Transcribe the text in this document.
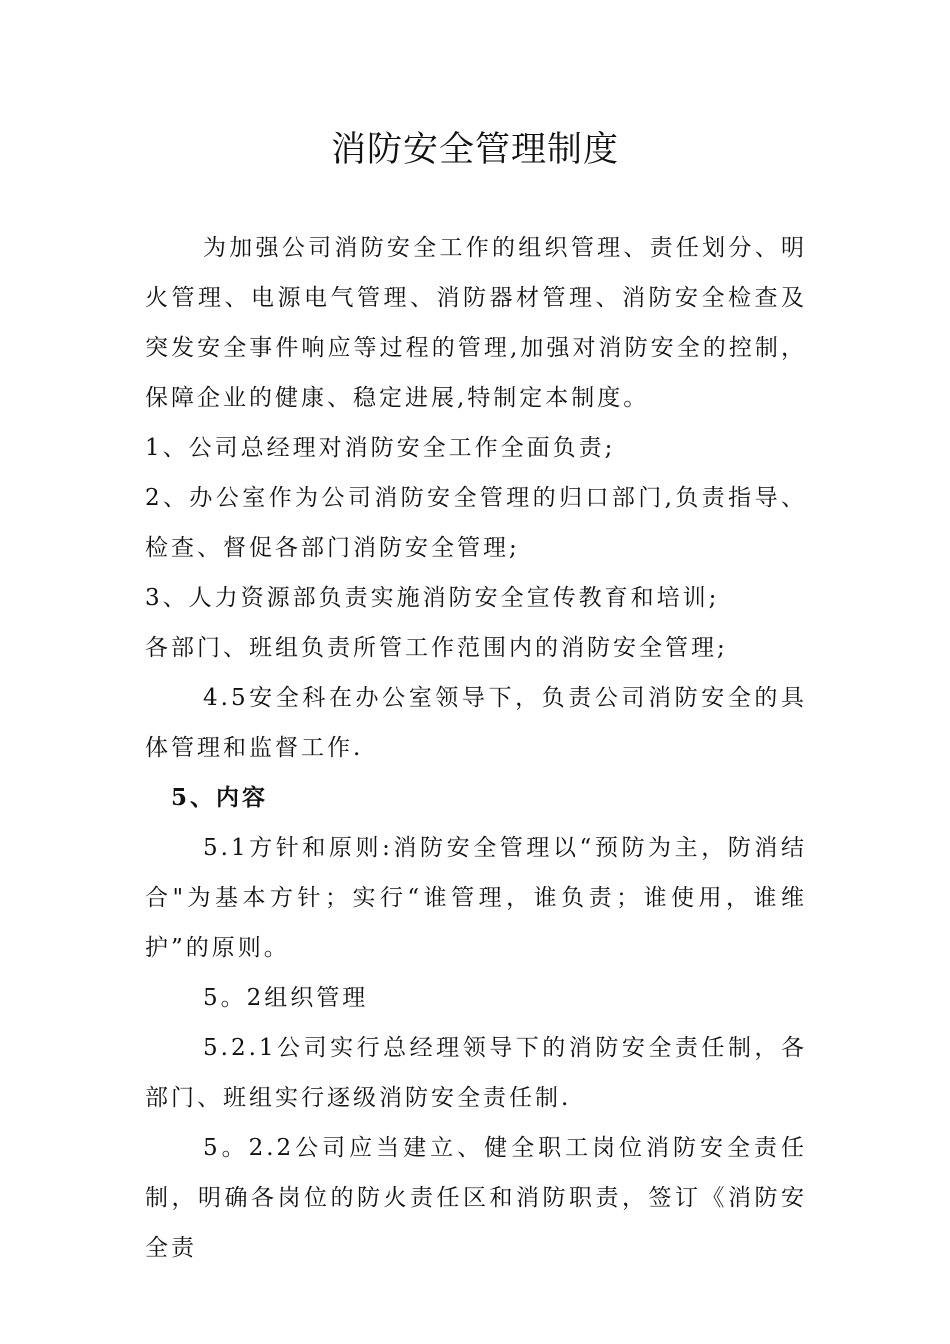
消防安全管理制度

为加强公司消防安全工作的组织管理、责任划分、明火管理、电源电气管理、消防器材管理、消防安全检查及突发安全事件响应等过程的管理,加强对消防安全的控制，保障企业的健康、稳定进展,特制定本制度。

1、公司总经理对消防安全工作全面负责;

2、办公室作为公司消防安全管理的归口部门,负责指导、检查、督促各部门消防安全管理;

3、人力资源部负责实施消防安全宣传教育和培训;

各部门、班组负责所管工作范围内的消防安全管理;

4.5安全科在办公室领导下，负责公司消防安全的具体管理和监督工作.

5、内容

5.1方针和原则:消防安全管理以“预防为主，防消结合"为基本方针；实行“谁管理，谁负责；谁使用，谁维护”的原则。

5。2组织管理

5.2.1公司实行总经理领导下的消防安全责任制，各部门、班组实行逐级消防安全责任制.

5。2.2公司应当建立、健全职工岗位消防安全责任制，明确各岗位的防火责任区和消防职责，签订《消防安全责
